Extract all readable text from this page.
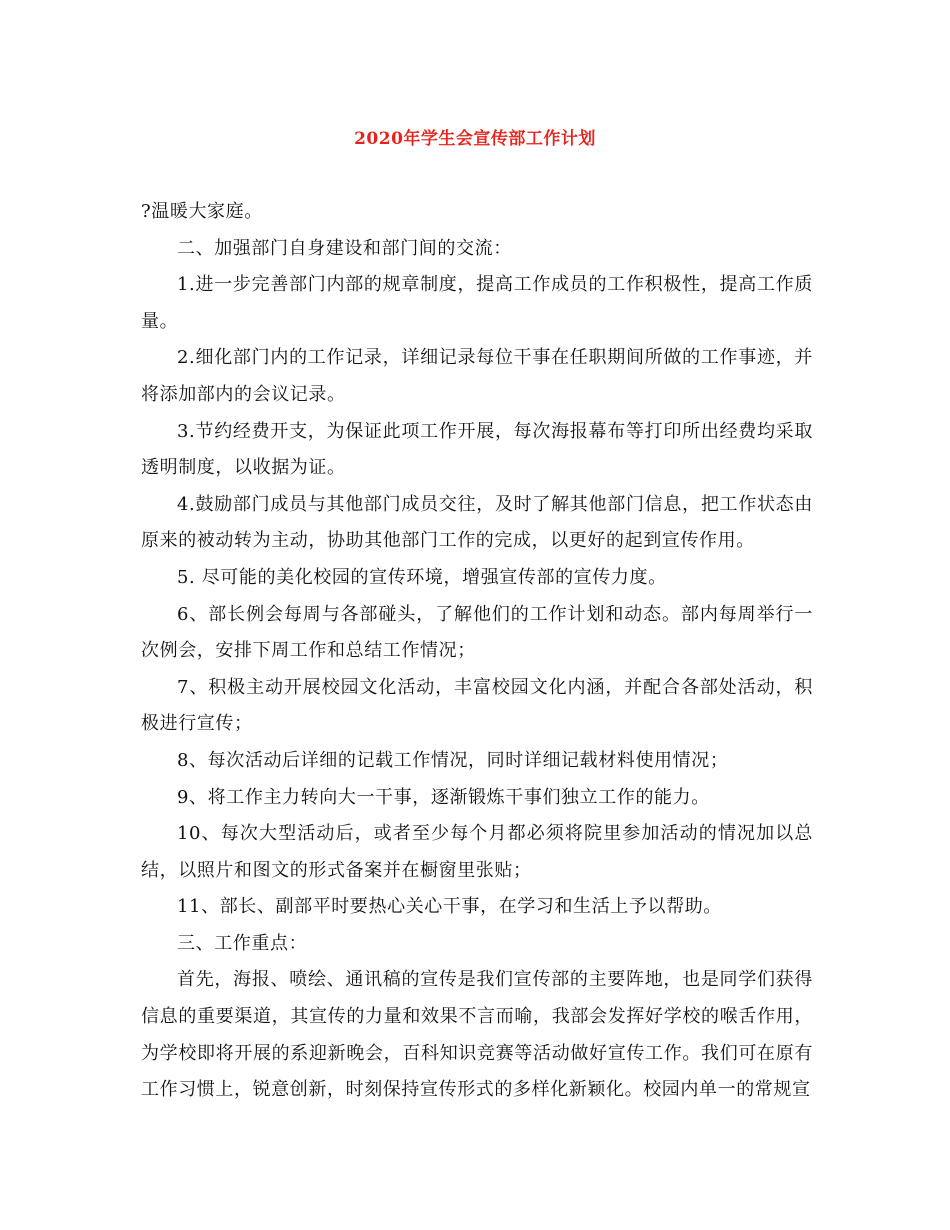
2020年学生会宣传部工作计划

?温暖大家庭。

二、加强部门自身建设和部门间的交流：

1.进一步完善部门内部的规章制度，提高工作成员的工作积极性，提高工作质量。

2.细化部门内的工作记录，详细记录每位干事在任职期间所做的工作事迹，并将添加部内的会议记录。

3.节约经费开支，为保证此项工作开展，每次海报幕布等打印所出经费均采取透明制度，以收据为证。

4.鼓励部门成员与其他部门成员交往，及时了解其他部门信息，把工作状态由原来的被动转为主动，协助其他部门工作的完成，以更好的起到宣传作用。

5. 尽可能的美化校园的宣传环境，增强宣传部的宣传力度。

6、部长例会每周与各部碰头，了解他们的工作计划和动态。部内每周举行一次例会，安排下周工作和总结工作情况；

7、积极主动开展校园文化活动，丰富校园文化内涵，并配合各部处活动，积极进行宣传；

8、每次活动后详细的记载工作情况，同时详细记载材料使用情况；

9、将工作主力转向大一干事，逐渐锻炼干事们独立工作的能力。

10、每次大型活动后，或者至少每个月都必须将院里参加活动的情况加以总结，以照片和图文的形式备案并在橱窗里张贴；

11、部长、副部平时要热心关心干事，在学习和生活上予以帮助。

三、工作重点：

首先，海报、喷绘、通讯稿的宣传是我们宣传部的主要阵地，也是同学们获得信息的重要渠道，其宣传的力量和效果不言而喻，我部会发挥好学校的喉舌作用，为学校即将开展的系迎新晚会，百科知识竞赛等活动做好宣传工作。我们可在原有工作习惯上，锐意创新，时刻保持宣传形式的多样化新颖化。校园内单一的常规宣
